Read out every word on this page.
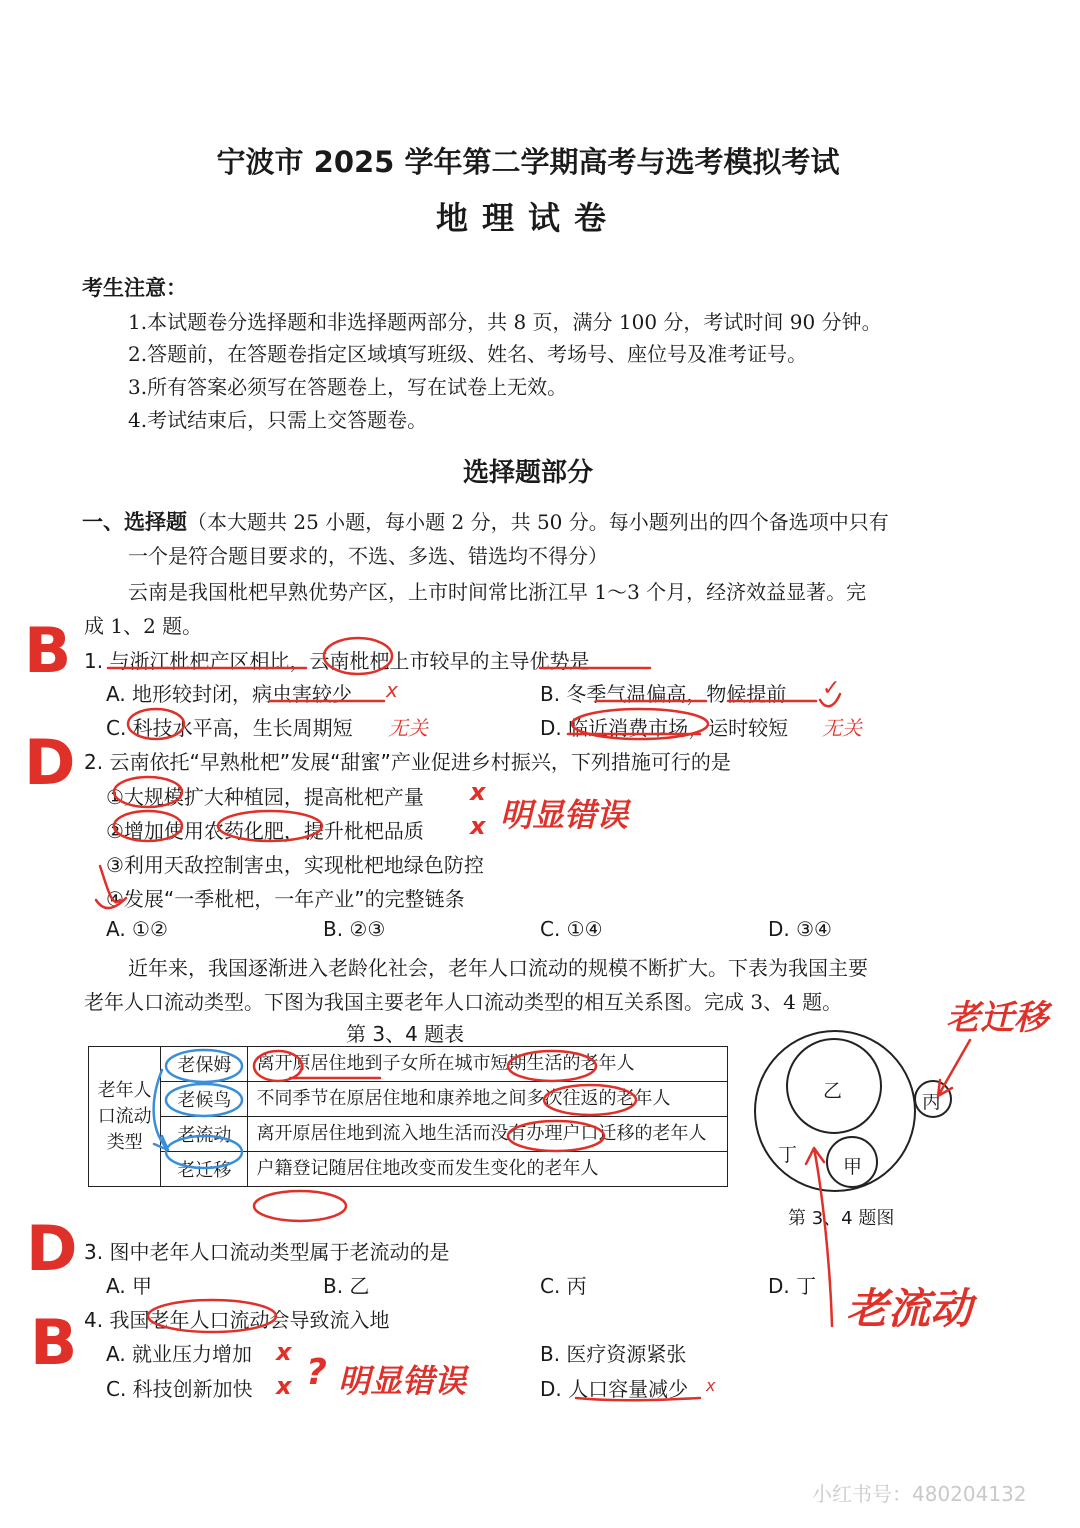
宁波市 2025 学年第二学期高考与选考模拟考试
地理试卷
考生注意：
1.本试题卷分选择题和非选择题两部分，共 8 页，满分 100 分，考试时间 90 分钟。
2.答题前，在答题卷指定区域填写班级、姓名、考场号、座位号及准考证号。
3.所有答案必须写在答题卷上，写在试卷上无效。
4.考试结束后，只需上交答题卷。
选择题部分
一、选择题（本大题共 25 小题，每小题 2 分，共 50 分。每小题列出的四个备选项中只有
一个是符合题目要求的，不选、多选、错选均不得分）
云南是我国枇杷早熟优势产区，上市时间常比浙江早 1～3 个月，经济效益显著。完
成 1、2 题。
1. 与浙江枇杷产区相比，云南枇杷上市较早的主导优势是
A. 地形较封闭，病虫害较少	B. 冬季气温偏高，物候提前
C. 科技水平高，生长周期短	D. 临近消费市场，运时较短
2. 云南依托“早熟枇杷”发展“甜蜜”产业促进乡村振兴，下列措施可行的是
①大规模扩大种植园，提高枇杷产量
②增加使用农药化肥，提升枇杷品质
③利用天敌控制害虫，实现枇杷地绿色防控
④发展“一季枇杷，一年产业”的完整链条
A. ①②	B. ②③	C. ①④	D. ③④
近年来，我国逐渐进入老龄化社会，老年人口流动的规模不断扩大。下表为我国主要
老年人口流动类型。下图为我国主要老年人口流动类型的相互关系图。完成 3、4 题。
第 3、4 题表
老年人口流动类型	老保姆	离开原居住地到子女所在城市短期生活的老年人
	老候鸟	不同季节在原居住地和康养地之间多次往返的老年人
	老流动	离开原居住地到流入地生活而没有办理户口迁移的老年人
	老迁移	户籍登记随居住地改变而发生变化的老年人
乙
甲
丁
丙
第 3、4 题图
3. 图中老年人口流动类型属于老流动的是
A. 甲	B. 乙	C. 丙	D. 丁
4. 我国老年人口流动会导致流入地
A. 就业压力增加	B. 医疗资源紧张
C. 科技创新加快	D. 人口容量减少
B
D
D
B
x
无关	无关
x
x 明显错误
老迁移
老流动
x
x ? 明显错误	x
✓
小红书号：480204132
